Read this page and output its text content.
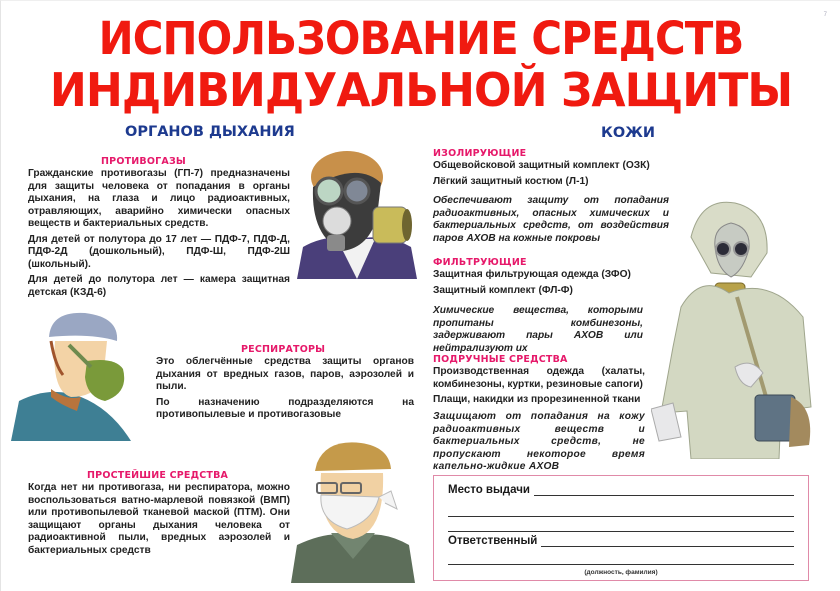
7
ИСПОЛЬЗОВАНИЕ СРЕДСТВ
ИНДИВИДУАЛЬНОЙ ЗАЩИТЫ
ОРГАНОВ ДЫХАНИЯ
ПРОТИВОГАЗЫ

Гражданские противогазы (ГП-7) предназначены для защиты человека от попадания в органы дыхания, на глаза и лицо радиоактивных, отравляющих, аварийно химически опасных веществ и бактериальных средств.

Для детей от полутора до 17 лет — ПДФ-7, ПДФ-Д, ПДФ-2Д (дошкольный), ПДФ-Ш, ПДФ-2Ш (школьный).

Для детей до полутора лет — камера защитная детская (КЗД-6)

РЕСПИРАТОРЫ

Это облегчённые средства защиты органов дыхания от вредных газов, паров, аэрозолей и пыли.

По назначению подразделяются на противопылевые и противогазовые

ПРОСТЕЙШИЕ СРЕДСТВА

Когда нет ни противогаза, ни респиратора, можно воспользоваться ватно-марлевой повязкой (ВМП) или противопылевой тканевой маской (ПТМ). Они защищают органы дыхания человека от радиоактивной пыли, вредных аэрозолей и бактериальных средств

КОЖИ
ИЗОЛИРУЮЩИЕ

Общевойсковой защитный комплект (ОЗК)

Лёгкий защитный костюм (Л-1)

Обеспечивают защиту от попадания радиоактивных, опасных химических и бактериальных средств, от воздействия паров АХОВ на кожные покровы
ФИЛЬТРУЮЩИЕ

Защитная фильтрующая одежда (ЗФО)

Защитный комплект (ФЛ-Ф)

Химические вещества, которыми пропитаны комбинезоны, задерживают пары АХОВ или нейтрализуют их
ПОДРУЧНЫЕ СРЕДСТВА

Производственная одежда (халаты, комбинезоны, куртки, резиновые сапоги)

Плащи, накидки из прорезиненной ткани

Защищают от попадания на кожу радиоактивных веществ и бактериальных средств, не пропускают некоторое время капельно-жидкие АХОВ
Место выдачи
Ответственный
(должность, фамилия)
